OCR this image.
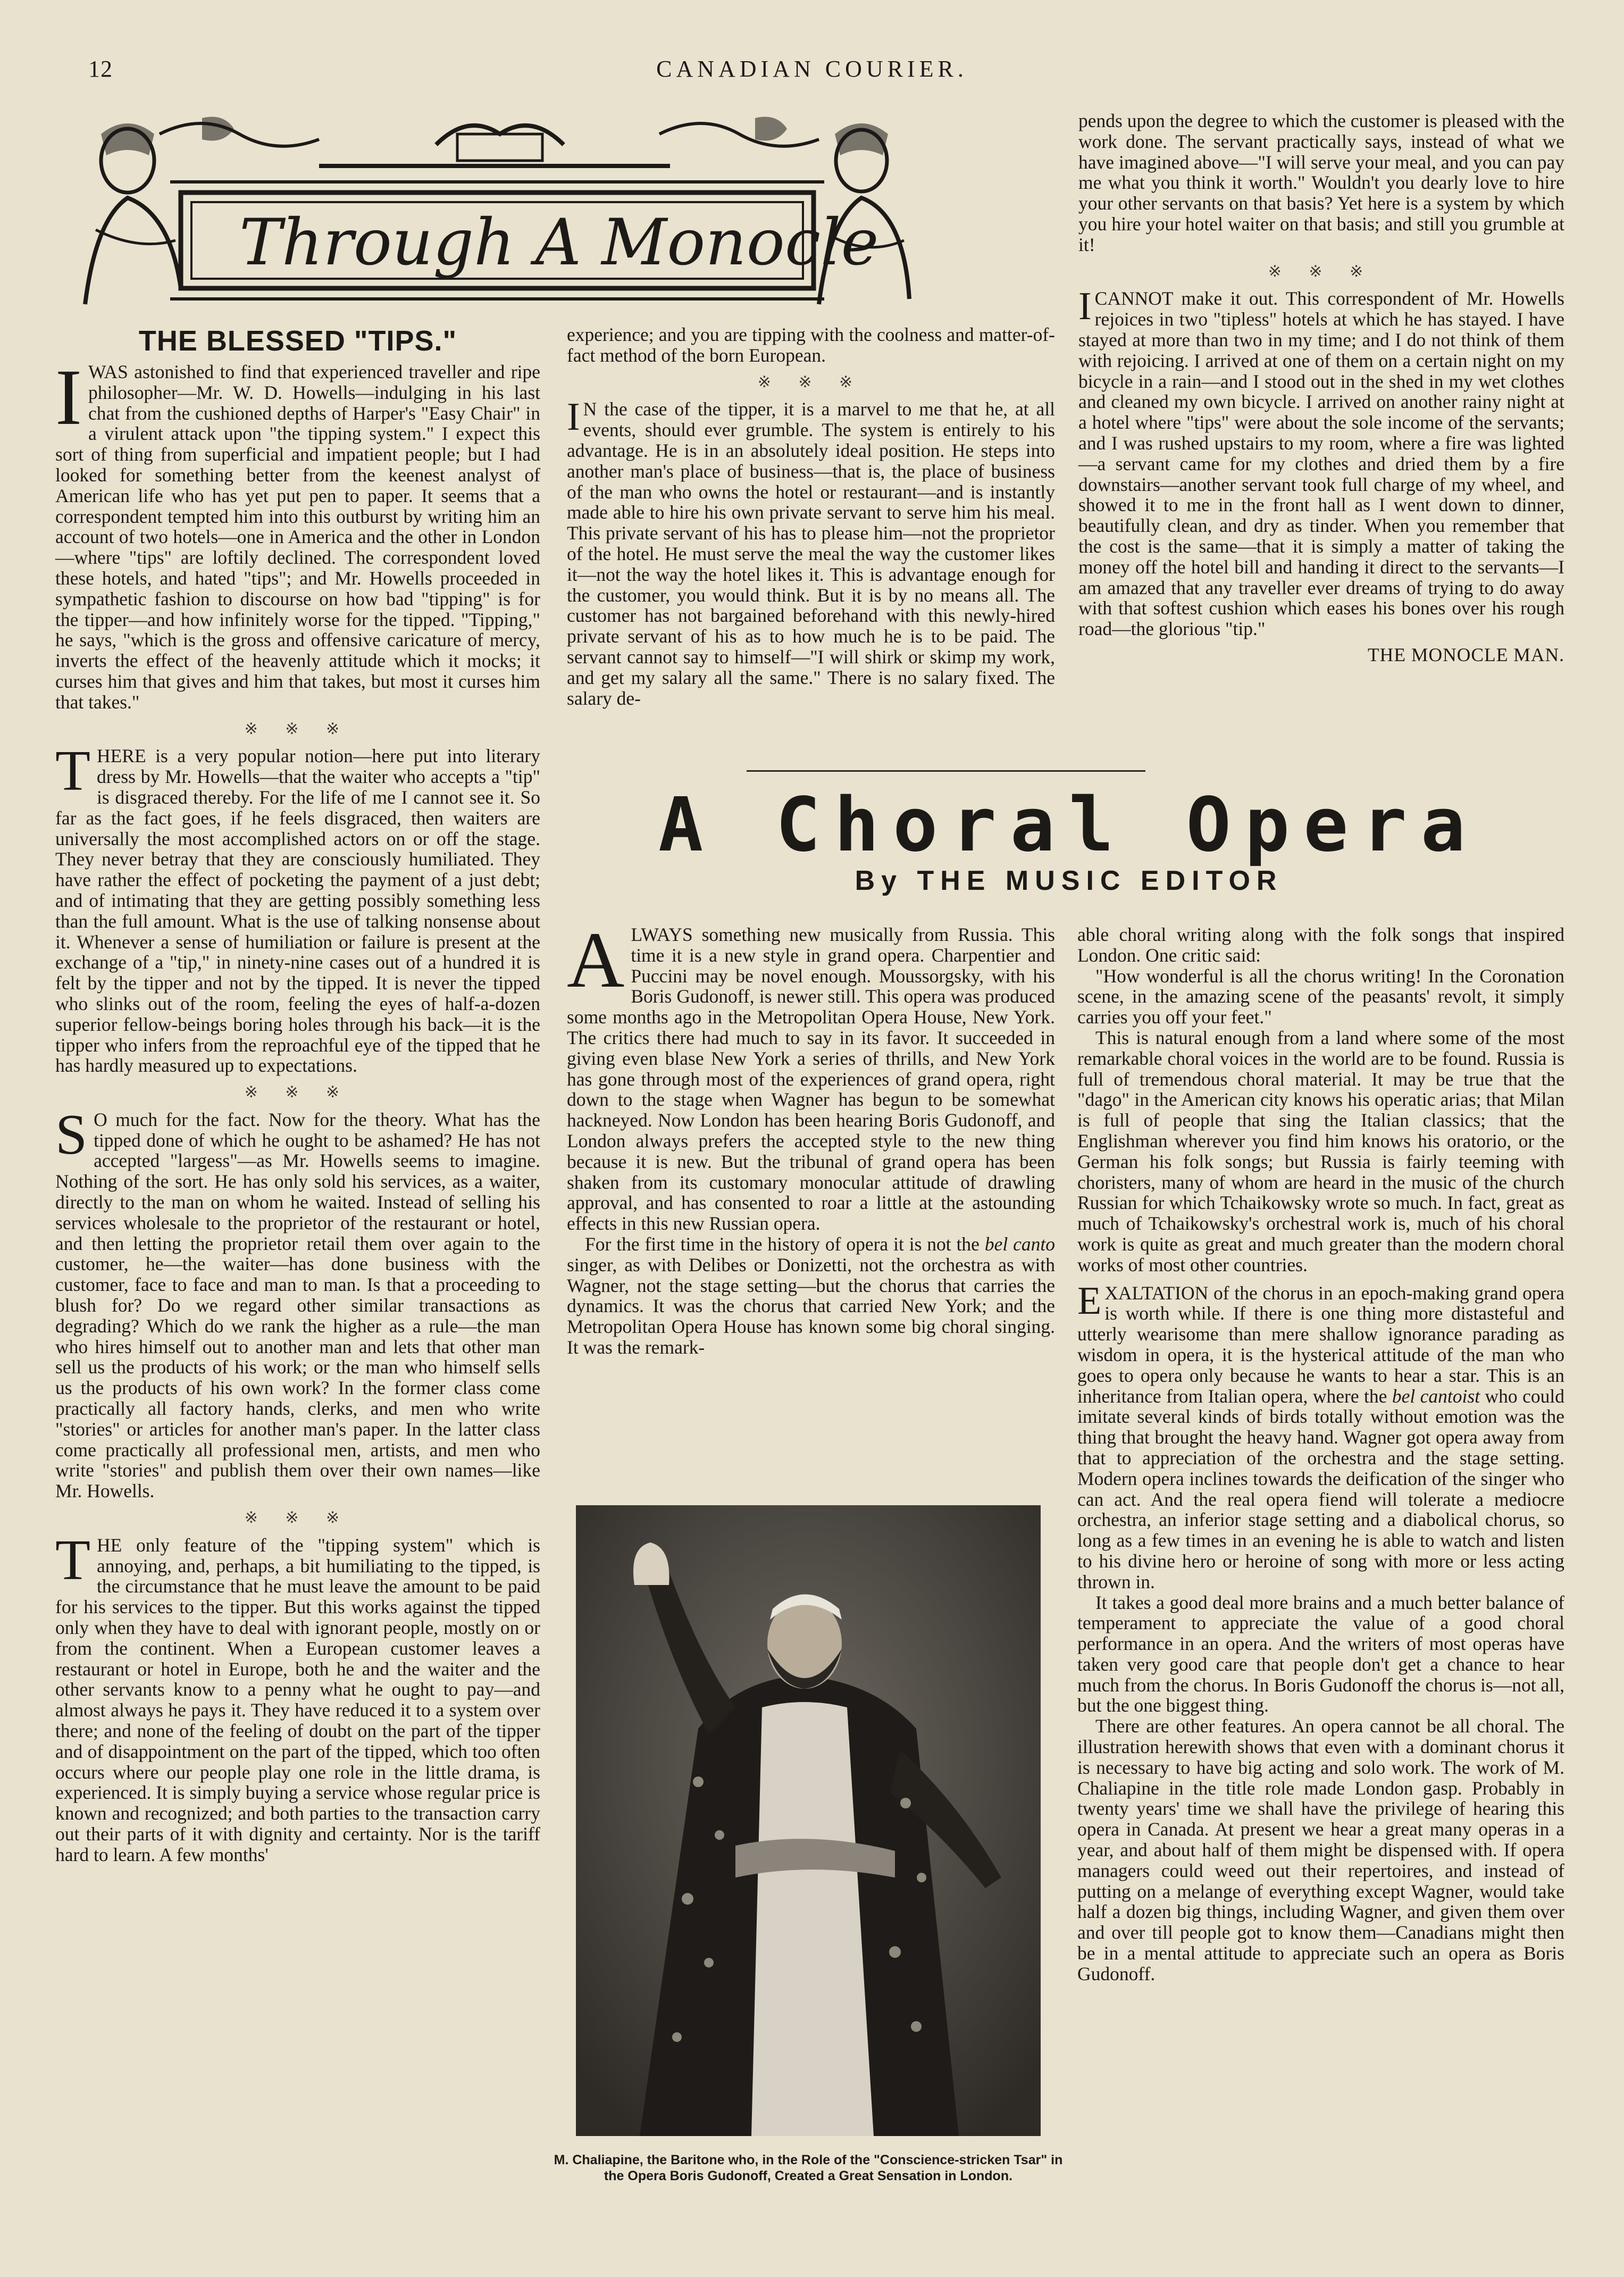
12	CANADIAN COURIER.
Through A Monocle
THE BLESSED "TIPS."

IWAS astonished to find that experienced traveller and ripe philosopher—Mr. W. D. Howells—indulging in his last chat from the cushioned depths of Harper's "Easy Chair" in a virulent attack upon "the tipping system." I expect this sort of thing from superficial and impatient people; but I had looked for something better from the keenest analyst of American life who has yet put pen to paper. It seems that a correspondent tempted him into this outburst by writing him an account of two hotels—one in America and the other in London—where "tips" are loftily declined. The correspondent loved these hotels, and hated "tips"; and Mr. Howells proceeded in sympathetic fashion to discourse on how bad "tipping" is for the tipper—and how infinitely worse for the tipped. "Tipping," he says, "which is the gross and offensive caricature of mercy, inverts the effect of the heavenly attitude which it mocks; it curses him that gives and him that takes, but most it curses him that takes."

※ ※ ※

THERE is a very popular notion—here put into literary dress by Mr. Howells—that the waiter who accepts a "tip" is disgraced thereby. For the life of me I cannot see it. So far as the fact goes, if he feels disgraced, then waiters are universally the most accomplished actors on or off the stage. They never betray that they are consciously humiliated. They have rather the effect of pocketing the payment of a just debt; and of intimating that they are getting possibly something less than the full amount. What is the use of talking nonsense about it. Whenever a sense of humiliation or failure is present at the exchange of a "tip," in ninety-nine cases out of a hundred it is felt by the tipper and not by the tipped. It is never the tipped who slinks out of the room, feeling the eyes of half-a-dozen superior fellow-beings boring holes through his back—it is the tipper who infers from the reproachful eye of the tipped that he has hardly measured up to expectations.

※ ※ ※

S O much for the fact. Now for the theory. What has the tipped done of which he ought to be ashamed? He has not accepted "largess"—as Mr. Howells seems to imagine. Nothing of the sort. He has only sold his services, as a waiter, directly to the man on whom he waited. Instead of selling his services wholesale to the proprietor of the restaurant or hotel, and then letting the proprietor retail them over again to the customer, he—the waiter—has done business with the customer, face to face and man to man. Is that a proceeding to blush for? Do we regard other similar transactions as degrading? Which do we rank the higher as a rule—the man who hires himself out to another man and lets that other man sell us the products of his work; or the man who himself sells us the products of his own work? In the former class come practically all factory hands, clerks, and men who write "stories" or articles for another man's paper. In the latter class come practically all professional men, artists, and men who write "stories" and publish them over their own names—like Mr. Howells.

※ ※ ※

THE only feature of the "tipping system" which is annoying, and, perhaps, a bit humiliating to the tipped, is the circumstance that he must leave the amount to be paid for his services to the tipper. But this works against the tipped only when they have to deal with ignorant people, mostly on or from the continent. When a European customer leaves a restaurant or hotel in Europe, both he and the waiter and the other servants know to a penny what he ought to pay—and almost always he pays it. They have reduced it to a system over there; and none of the feeling of doubt on the part of the tipper and of disappointment on the part of the tipped, which too often occurs where our people play one role in the little drama, is experienced. It is simply buying a service whose regular price is known and recognized; and both parties to the transaction carry out their parts of it with dignity and certainty. Nor is the tariff hard to learn. A few months'

experience; and you are tipping with the coolness and matter-of-fact method of the born European.

※ ※ ※

I N the case of the tipper, it is a marvel to me that he, at all events, should ever grumble. The system is entirely to his advantage. He is in an absolutely ideal position. He steps into another man's place of business—that is, the place of business of the man who owns the hotel or restaurant—and is instantly made able to hire his own private servant to serve him his meal. This private servant of his has to please him—not the proprietor of the hotel. He must serve the meal the way the customer likes it—not the way the hotel likes it. This is advantage enough for the customer, you would think. But it is by no means all. The customer has not bargained beforehand with this newly-hired private servant of his as to how much he is to be paid. The servant cannot say to himself—"I will shirk or skimp my work, and get my salary all the same." There is no salary fixed. The salary de-

pends upon the degree to which the customer is pleased with the work done. The servant practically says, instead of what we have imagined above—"I will serve your meal, and you can pay me what you think it worth." Wouldn't you dearly love to hire your other servants on that basis? Yet here is a system by which you hire your hotel waiter on that basis; and still you grumble at it!

※ ※ ※

ICANNOT make it out. This correspondent of Mr. Howells rejoices in two "tipless" hotels at which he has stayed. I have stayed at more than two in my time; and I do not think of them with rejoicing. I arrived at one of them on a certain night on my bicycle in a rain—and I stood out in the shed in my wet clothes and cleaned my own bicycle. I arrived on another rainy night at a hotel where "tips" were about the sole income of the servants; and I was rushed upstairs to my room, where a fire was lighted—a servant came for my clothes and dried them by a fire downstairs—another servant took full charge of my wheel, and showed it to me in the front hall as I went down to dinner, beautifully clean, and dry as tinder. When you remember that the cost is the same—that it is simply a matter of taking the money off the hotel bill and handing it direct to the servants—I am amazed that any traveller ever dreams of trying to do away with that softest cushion which eases his bones over his rough road—the glorious "tip."

THE MONOCLE MAN.

A Choral Opera
By THE MUSIC EDITOR

ALWAYS something new musically from Russia. This time it is a new style in grand opera. Charpentier and Puccini may be novel enough. Moussorgsky, with his Boris Gudonoff, is newer still. This opera was produced some months ago in the Metropolitan Opera House, New York. The critics there had much to say in its favor. It succeeded in giving even blase New York a series of thrills, and New York has gone through most of the experiences of grand opera, right down to the stage when Wagner has begun to be somewhat hackneyed. Now London has been hearing Boris Gudonoff, and London always prefers the accepted style to the new thing because it is new. But the tribunal of grand opera has been shaken from its customary monocular attitude of drawling approval, and has consented to roar a little at the astounding effects in this new Russian opera.

For the first time in the history of opera it is not the bel canto singer, as with Delibes or Donizetti, not the orchestra as with Wagner, not the stage setting—but the chorus that carries the dynamics. It was the chorus that carried New York; and the Metropolitan Opera House has known some big choral singing. It was the remark-

able choral writing along with the folk songs that inspired London. One critic said:

"How wonderful is all the chorus writing! In the Coronation scene, in the amazing scene of the peasants' revolt, it simply carries you off your feet."

This is natural enough from a land where some of the most remarkable choral voices in the world are to be found. Russia is full of tremendous choral material. It may be true that the "dago" in the American city knows his operatic arias; that Milan is full of people that sing the Italian classics; that the Englishman wherever you find him knows his oratorio, or the German his folk songs; but Russia is fairly teeming with choristers, many of whom are heard in the music of the church Russian for which Tchaikowsky wrote so much. In fact, great as much of Tchaikowsky's orchestral work is, much of his choral work is quite as great and much greater than the modern choral works of most other countries.

EXALTATION of the chorus in an epoch-making grand opera is worth while. If there is one thing more distasteful and utterly wearisome than mere shallow ignorance parading as wisdom in opera, it is the hysterical attitude of the man who goes to opera only because he wants to hear a star. This is an inheritance from Italian opera, where the bel cantoist who could imitate several kinds of birds totally without emotion was the thing that brought the heavy hand. Wagner got opera away from that to appreciation of the orchestra and the stage setting. Modern opera inclines towards the deification of the singer who can act. And the real opera fiend will tolerate a mediocre orchestra, an inferior stage setting and a diabolical chorus, so long as a few times in an evening he is able to watch and listen to his divine hero or heroine of song with more or less acting thrown in.

It takes a good deal more brains and a much better balance of temperament to appreciate the value of a good choral performance in an opera. And the writers of most operas have taken very good care that people don't get a chance to hear much from the chorus. In Boris Gudonoff the chorus is—not all, but the one biggest thing.

There are other features. An opera cannot be all choral. The illustration herewith shows that even with a dominant chorus it is necessary to have big acting and solo work. The work of M. Chaliapine in the title role made London gasp. Probably in twenty years' time we shall have the privilege of hearing this opera in Canada. At present we hear a great many operas in a year, and about half of them might be dispensed with. If opera managers could weed out their repertoires, and instead of putting on a melange of everything except Wagner, would take half a dozen big things, including Wagner, and given them over and over till people got to know them—Canadians might then be in a mental attitude to appreciate such an opera as Boris Gudonoff.

M. Chaliapine, the Baritone who, in the Role of the "Conscience-stricken Tsar" in the Opera Boris Gudonoff, Created a Great Sensation in London.
